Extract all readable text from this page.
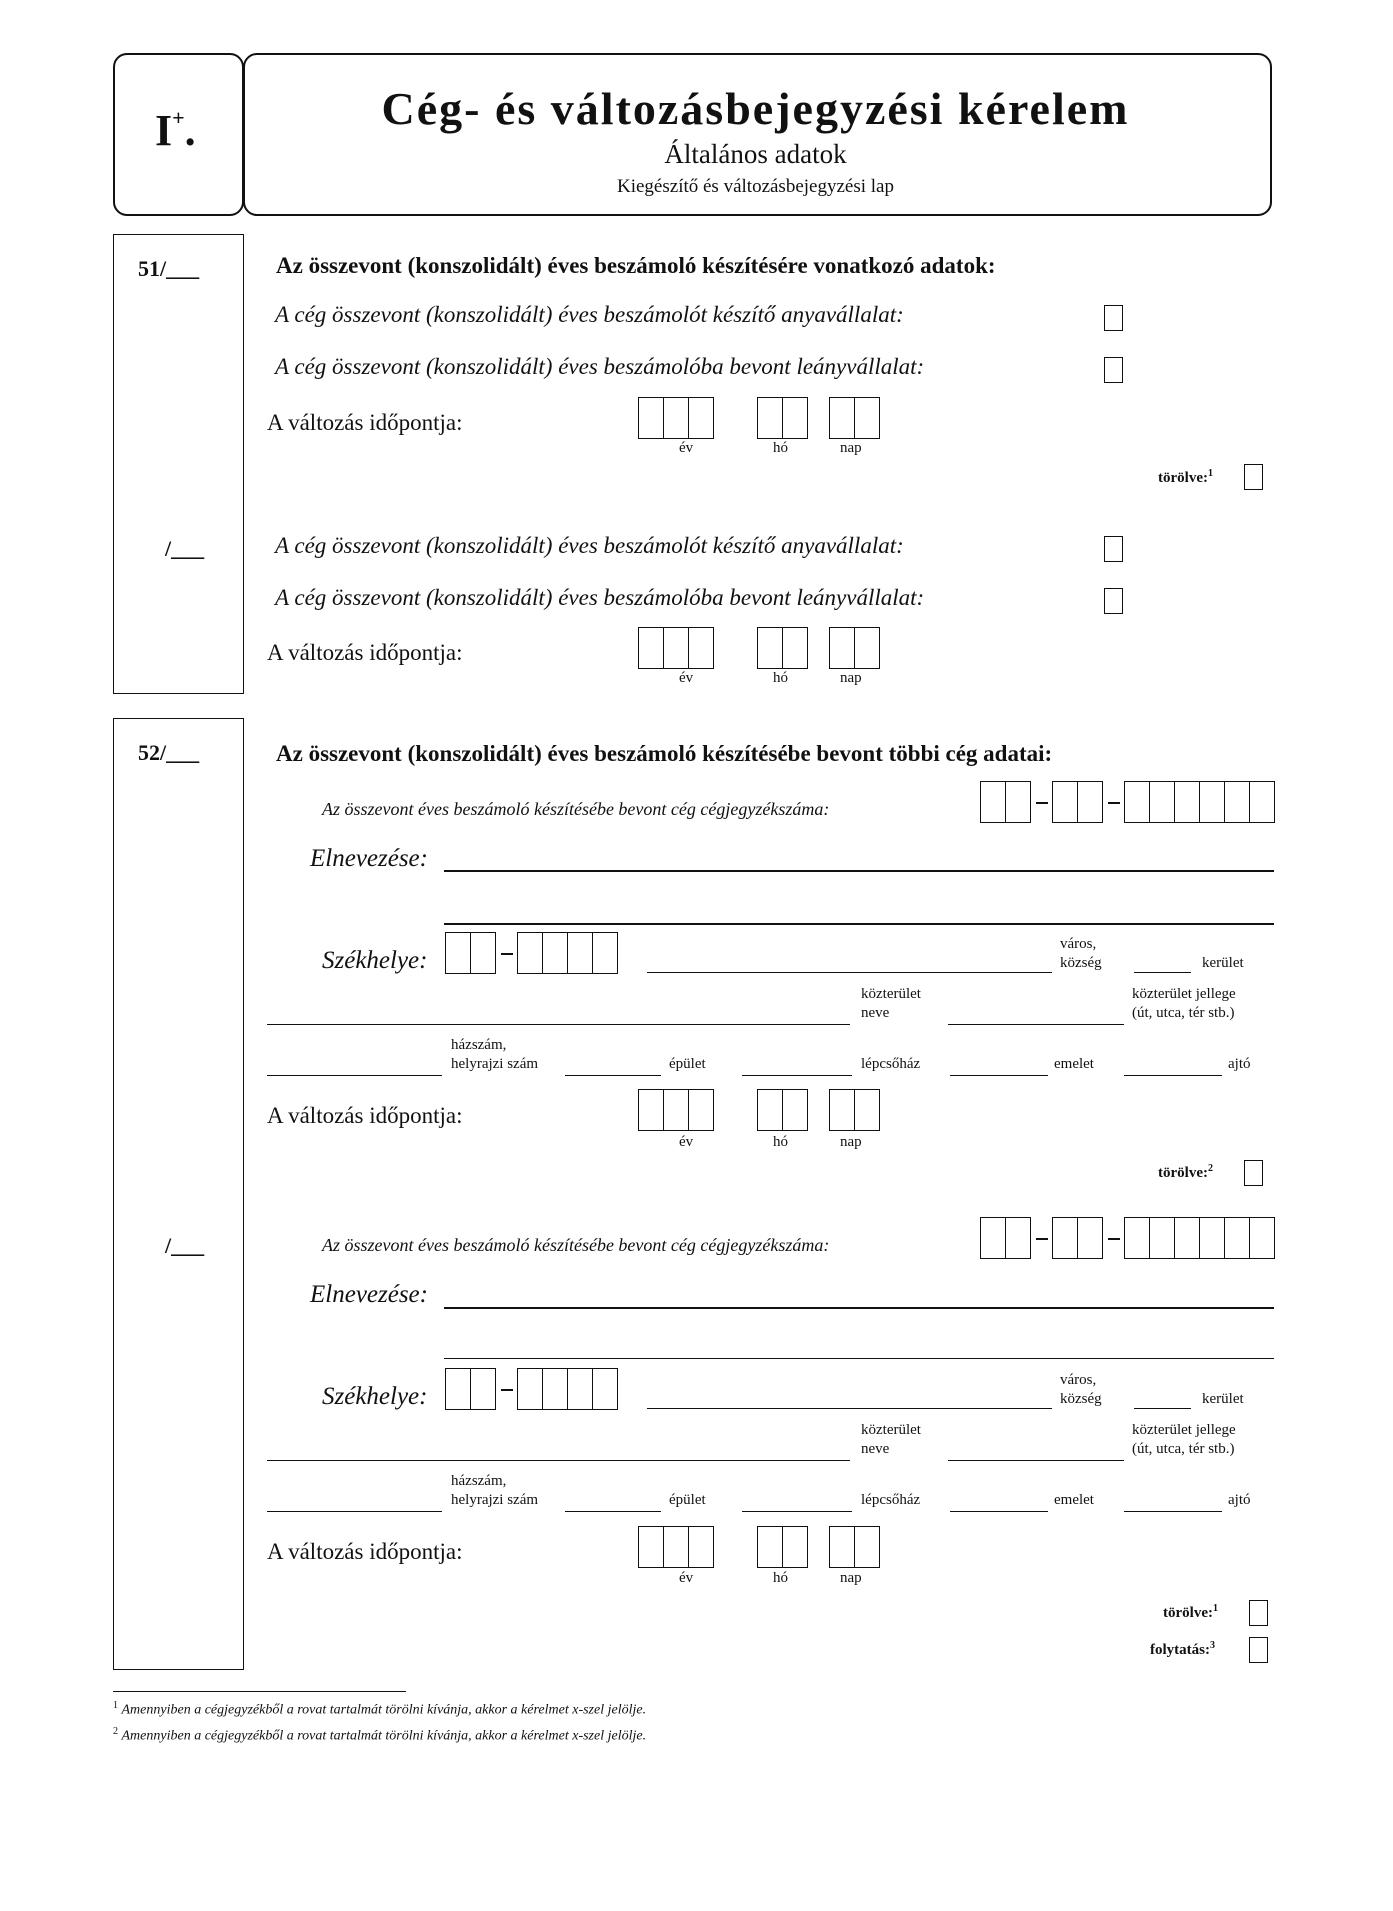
I+.	Cég- és változásbejegyzési kérelem
Általános adatok
Kiegészítő és változásbejegyzési lap
51/___	Az összevont (konszolidált) éves beszámoló készítésére vonatkozó adatok:
A cég összevont (konszolidált) éves beszámolót készítő anyavállalat:
A cég összevont (konszolidált) éves beszámolóba bevont leányvállalat:
A változás időpontja:
év	hó	nap
törölve:$^1$
/___	A cég összevont (konszolidált) éves beszámolót készítő anyavállalat:
A cég összevont (konszolidált) éves beszámolóba bevont leányvállalat:
A változás időpontja:
év	hó	nap
52/___	Az összevont (konszolidált) éves beszámoló készítésébe bevont többi cég adatai:
Az összevont éves beszámoló készítésébe bevont cég cégjegyzékszáma:
Elnevezése:
Székhelye:
város,
község	kerület
közterület
neve
közterület jellege
(út, utca, tér stb.)
házszám,
helyrajzi szám	épület	lépcsőház	emelet	ajtó
A változás időpontja:
év	hó	nap
törölve:$^2$
/___	Az összevont éves beszámoló készítésébe bevont cég cégjegyzékszáma:
Elnevezése:
Székhelye:
város,
község	kerület
közterület
neve
közterület jellege
(út, utca, tér stb.)
házszám,
helyrajzi szám	épület	lépcsőház	emelet	ajtó
A változás időpontja:
év	hó	nap
törölve:$^1$
folytatás:$^3$
$^1$ Amennyiben a cégjegyzékből a rovat tartalmát törölni kívánja, akkor a kérelmet x-szel jelölje.
$^2$ Amennyiben a cégjegyzékből a rovat tartalmát törölni kívánja, akkor a kérelmet x-szel jelölje.
